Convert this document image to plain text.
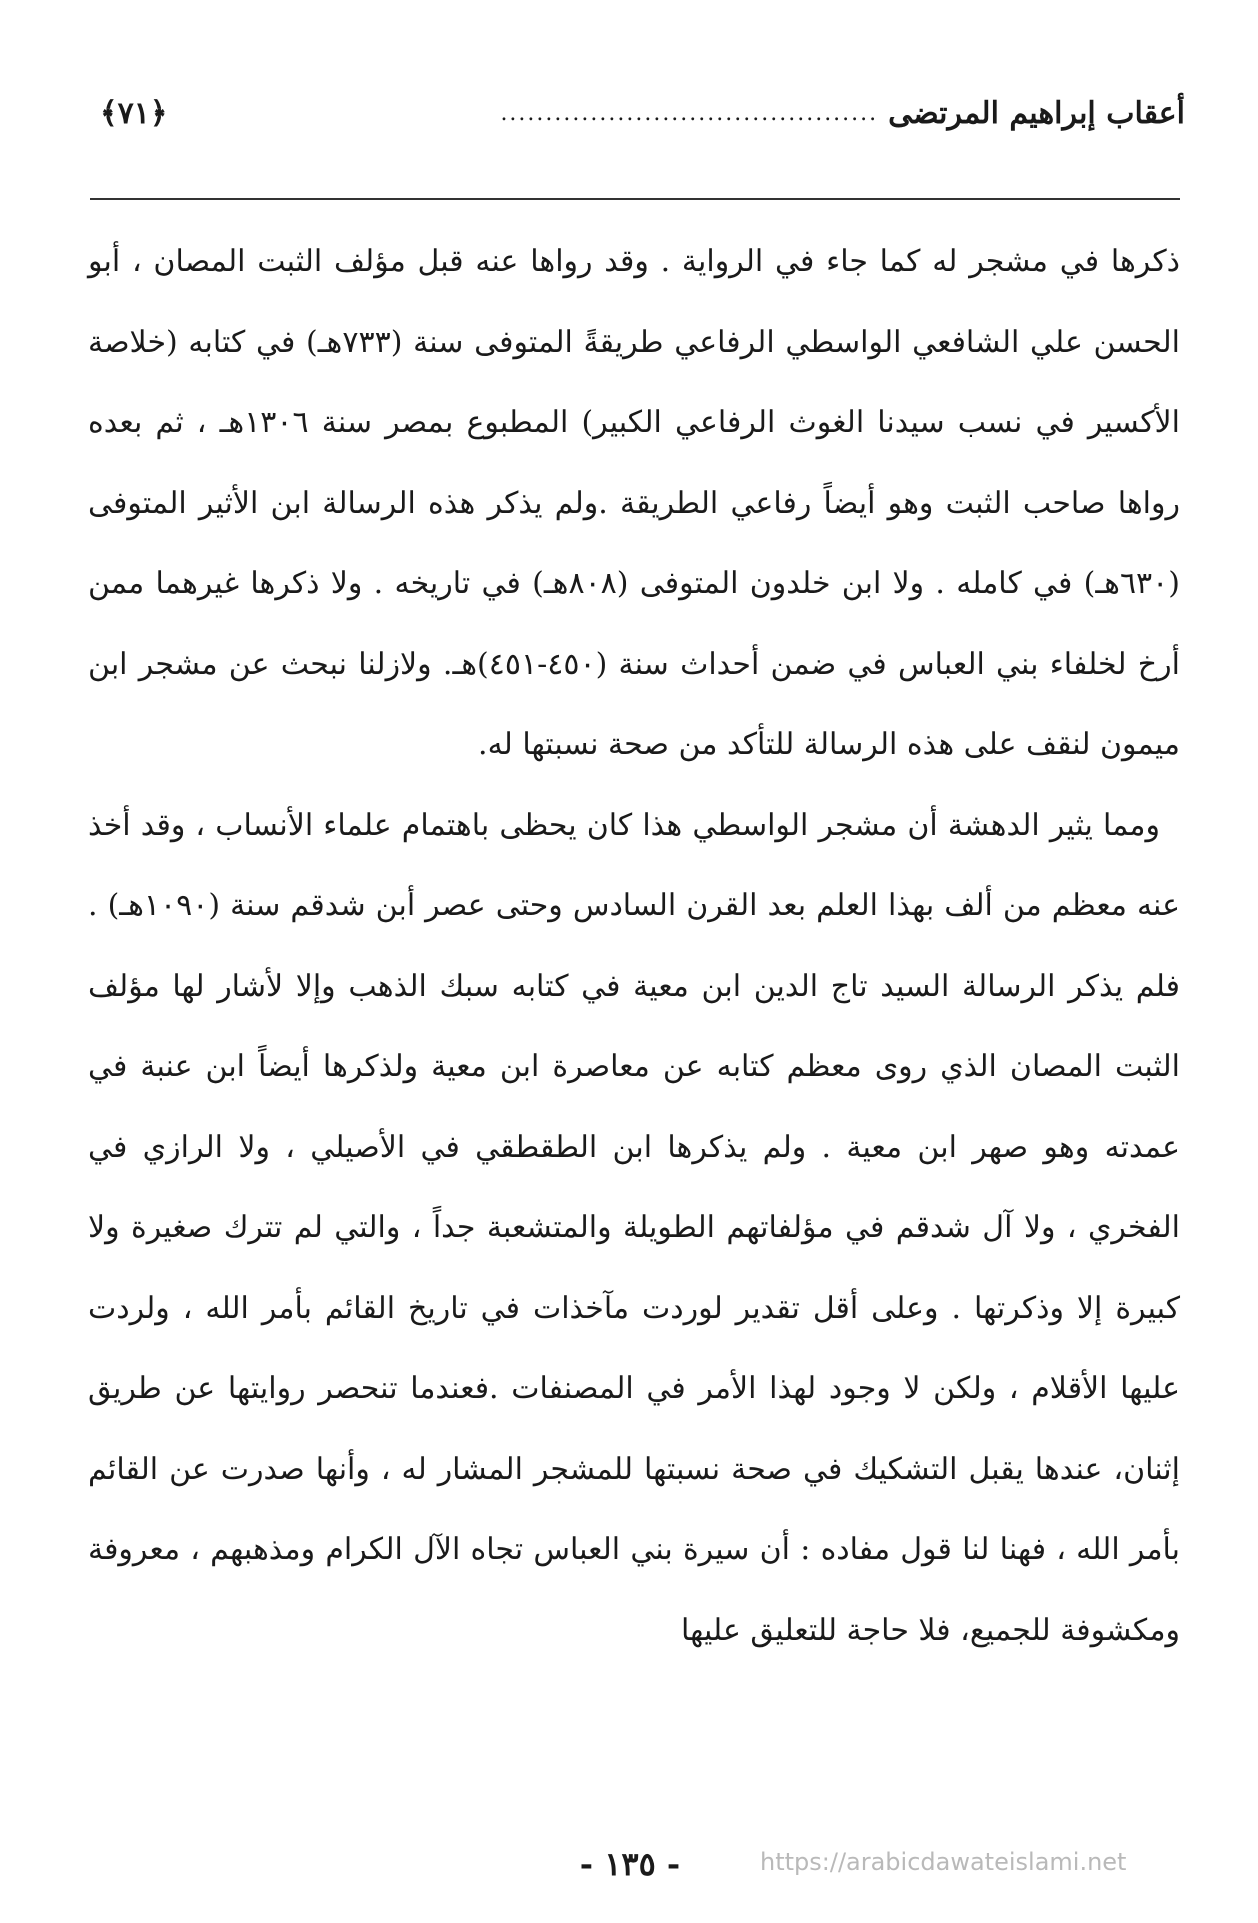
أعقاب إبراهيم المرتضى
..........................................
﴿٧١﴾

ذكرها في مشجر له كما جاء في الرواية . وقد رواها عنه قبل مؤلف الثبت المصان ، أبو الحسن علي الشافعي الواسطي الرفاعي طريقةً المتوفى سنة (٧٣٣هـ) في كتابه (خلاصة الأكسير في نسب سيدنا الغوث الرفاعي الكبير) المطبوع بمصر سنة ١٣٠٦هـ ، ثم بعده رواها صاحب الثبت وهو أيضاً رفاعي الطريقة .ولم يذكر هذه الرسالة ابن الأثير المتوفى (٦٣٠هـ) في كامله . ولا ابن خلدون المتوفى (٨٠٨هـ) في تاريخه . ولا ذكرها غيرهما ممن أرخ لخلفاء بني العباس في ضمن أحداث سنة (٤٥٠-٤٥١)هـ. ولازلنا نبحث عن مشجر ابن ميمون لنقف على هذه الرسالة للتأكد من صحة نسبتها له.

ومما يثير الدهشة أن مشجر الواسطي هذا كان يحظى باهتمام علماء الأنساب ، وقد أخذ عنه معظم من ألف بهذا العلم بعد القرن السادس وحتى عصر أبن شدقم سنة (١٠٩٠هـ) . فلم يذكر الرسالة السيد تاج الدين ابن معية في كتابه سبك الذهب وإلا لأشار لها مؤلف الثبت المصان الذي روى معظم كتابه عن معاصرة ابن معية ولذكرها أيضاً ابن عنبة في عمدته وهو صهر ابن معية . ولم يذكرها ابن الطقطقي في الأصيلي ، ولا الرازي في الفخري ، ولا آل شدقم في مؤلفاتهم الطويلة والمتشعبة جداً ، والتي لم تترك صغيرة ولا كبيرة إلا وذكرتها . وعلى أقل تقدير لوردت مآخذات في تاريخ القائم بأمر الله ، ولردت عليها الأقلام ، ولكن لا وجود لهذا الأمر في المصنفات .فعندما تنحصر روايتها عن طريق إثنان، عندها يقبل التشكيك في صحة نسبتها للمشجر المشار له ، وأنها صدرت عن القائم بأمر الله ، فهنا لنا قول مفاده : أن سيرة بني العباس تجاه الآل الكرام ومذهبهم ، معروفة ومكشوفة للجميع، فلا حاجة للتعليق عليها

- ١٣٥ -	https://arabicdawateislami.net
